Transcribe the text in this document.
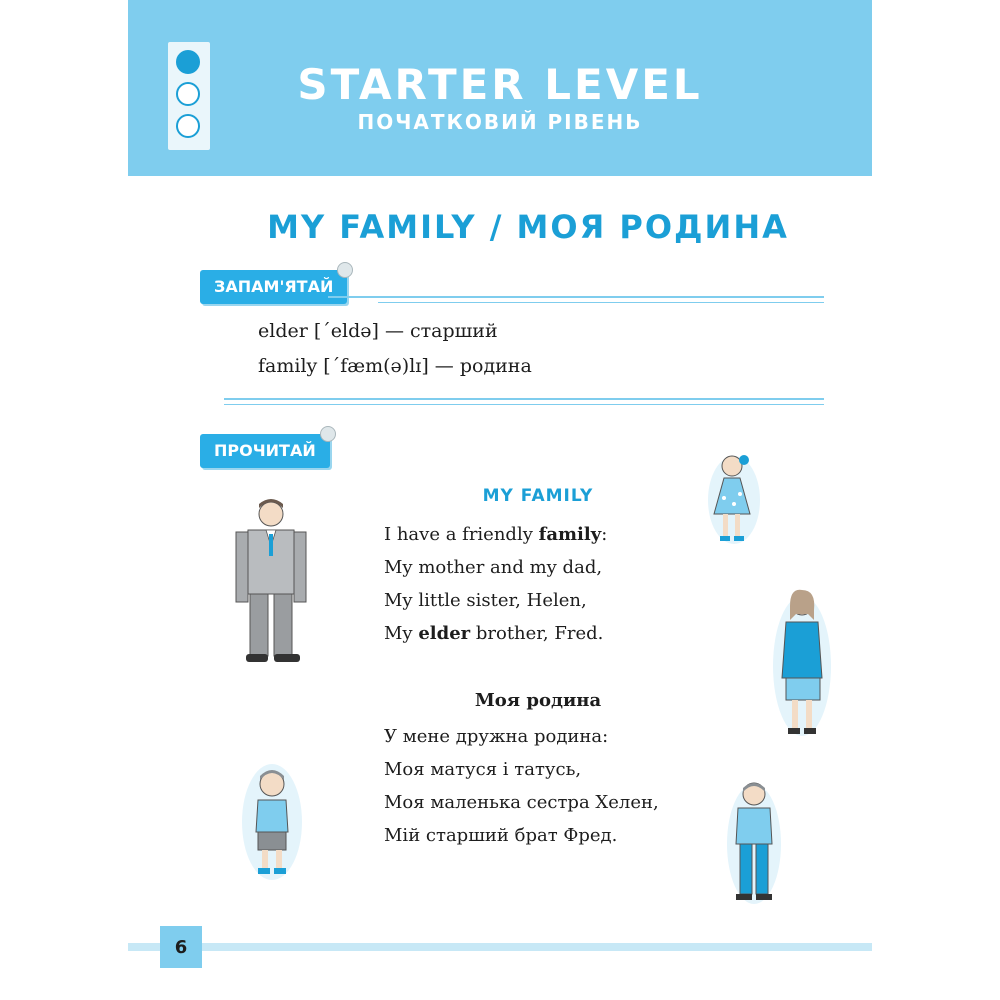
STARTER LEVEL
ПОЧАТКОВИЙ РІВЕНЬ
MY FAMILY / МОЯ РОДИНА
ЗАПАМ'ЯТАЙ
elder [ˊeldə] — старший
family [ˊfæm(ə)lɪ] — родина
ПРОЧИТАЙ
MY FAMILY
I have a friendly family:
My mother and my dad,
My little sister, Helen,
My elder brother, Fred.
Моя родина
У мене дружна родина:
Моя матуся і татусь,
Моя маленька сестра Хелен,
Мій старший брат Фред.
6
